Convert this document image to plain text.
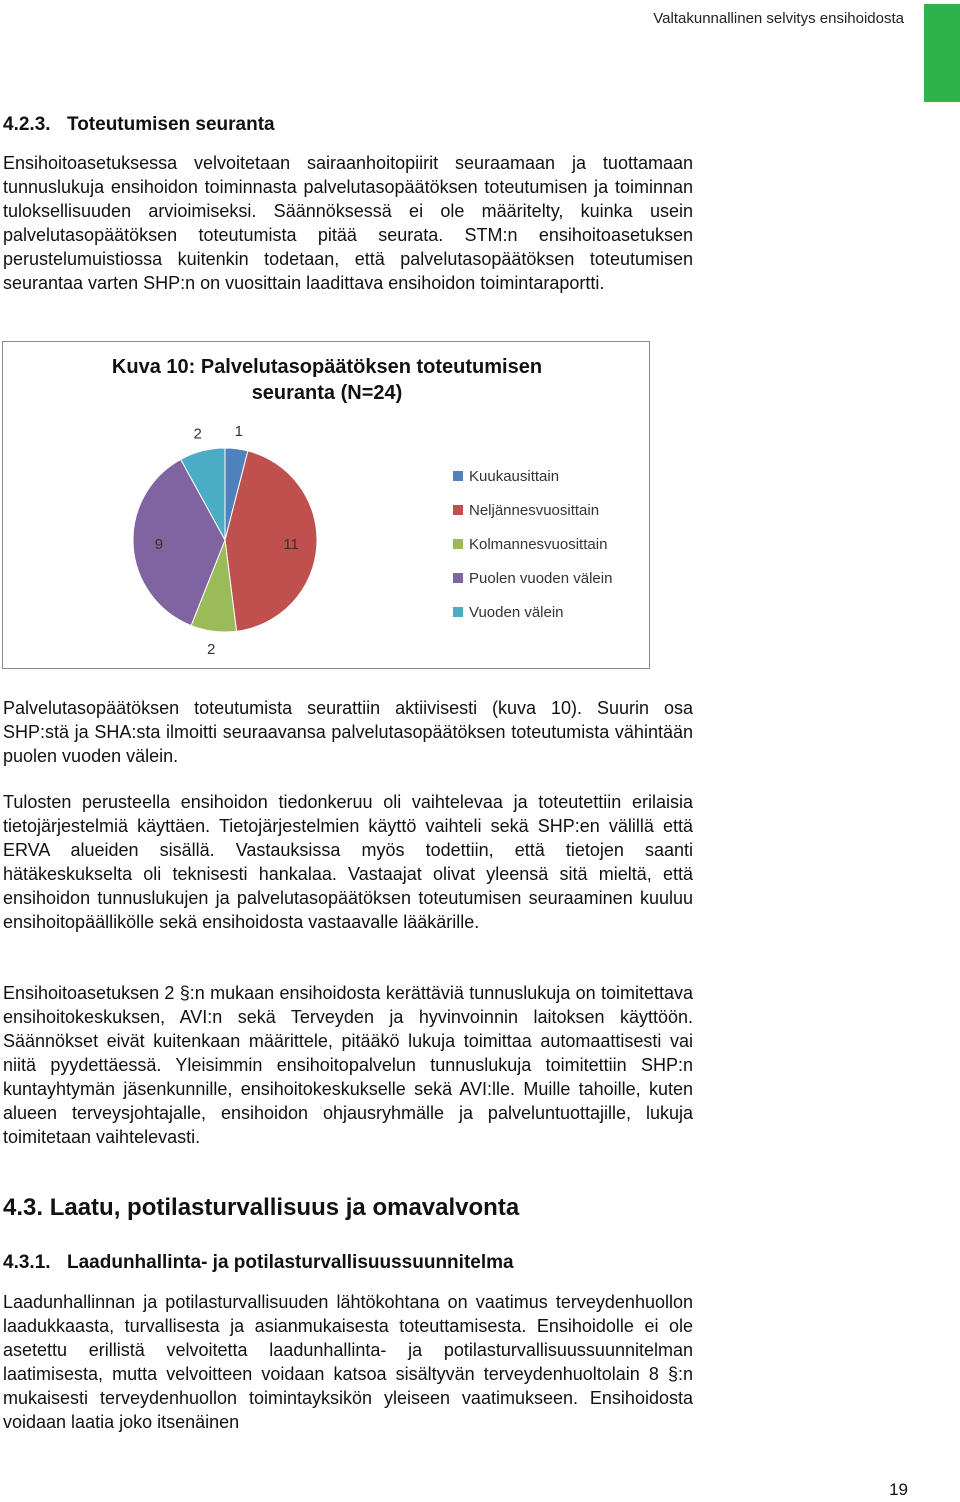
Valtakunnallinen selvitys ensihoidosta
4.2.3. Toteutumisen seuranta

Ensihoitoasetuksessa velvoitetaan sairaanhoitopiirit seuraamaan ja tuottamaan tunnuslukuja ensihoidon toiminnasta palvelutasopäätöksen toteutumisen ja toiminnan tuloksellisuuden arvioimiseksi. Säännöksessä ei ole määritelty, kuinka usein palvelutasopäätöksen toteutumista pitää seurata. STM:n ensihoitoasetuksen perustelumuistiossa kuitenkin todetaan, että palvelutasopäätöksen toteutumisen seurantaa varten SHP:n on vuosittain laadittava ensihoidon toimintaraportti.

Kuva 10: Palvelutasopäätöksen toteutumisen
seuranta (N=24)
1
11
2
9
2
Kuukausittain
Neljännesvuosittain
Kolmannesvuosittain
Puolen vuoden välein
Vuoden välein

Palvelutasopäätöksen toteutumista seurattiin aktiivisesti (kuva 10). Suurin osa SHP:stä ja SHA:sta ilmoitti seuraavansa palvelutasopäätöksen toteutumista vähintään puolen vuoden välein.

Tulosten perusteella ensihoidon tiedonkeruu oli vaihtelevaa ja toteutettiin erilaisia tietojärjestelmiä käyttäen. Tietojärjestelmien käyttö vaihteli sekä SHP:en välillä että ERVA alueiden sisällä. Vastauksissa myös todettiin, että tietojen saanti hätäkeskukselta oli teknisesti hankalaa. Vastaajat olivat yleensä sitä mieltä, että ensihoidon tunnuslukujen ja palvelutasopäätöksen toteutumisen seuraaminen kuuluu ensihoitopäällikölle sekä ensihoidosta vastaavalle lääkärille.

Ensihoitoasetuksen 2 §:n mukaan ensihoidosta kerättäviä tunnuslukuja on toimitettava ensihoitokeskuksen, AVI:n sekä Terveyden ja hyvinvoinnin laitoksen käyttöön. Säännökset eivät kuitenkaan määrittele, pitääkö lukuja toimittaa automaattisesti vai niitä pyydettäessä. Yleisimmin ensihoitopalvelun tunnuslukuja toimitettiin SHP:n kuntayhtymän jäsenkunnille, ensihoitokeskukselle sekä AVI:lle. Muille tahoille, kuten alueen terveysjohtajalle, ensihoidon ohjausryhmälle ja palveluntuottajille, lukuja toimitetaan vaihtelevasti.

4.3. Laatu, potilasturvallisuus ja omavalvonta
4.3.1. Laadunhallinta- ja potilasturvallisuussuunnitelma

Laadunhallinnan ja potilasturvallisuuden lähtökohtana on vaatimus terveydenhuollon laadukkaasta, turvallisesta ja asianmukaisesta toteuttamisesta. Ensihoidolle ei ole asetettu erillistä velvoitetta laadunhallinta- ja potilasturvallisuussuunnitelman laatimisesta, mutta velvoitteen voidaan katsoa sisältyvän terveydenhuoltolain 8 §:n mukaisesti terveydenhuollon toimintayksikön yleiseen vaatimukseen. Ensihoidosta voidaan laatia joko itsenäinen

19
